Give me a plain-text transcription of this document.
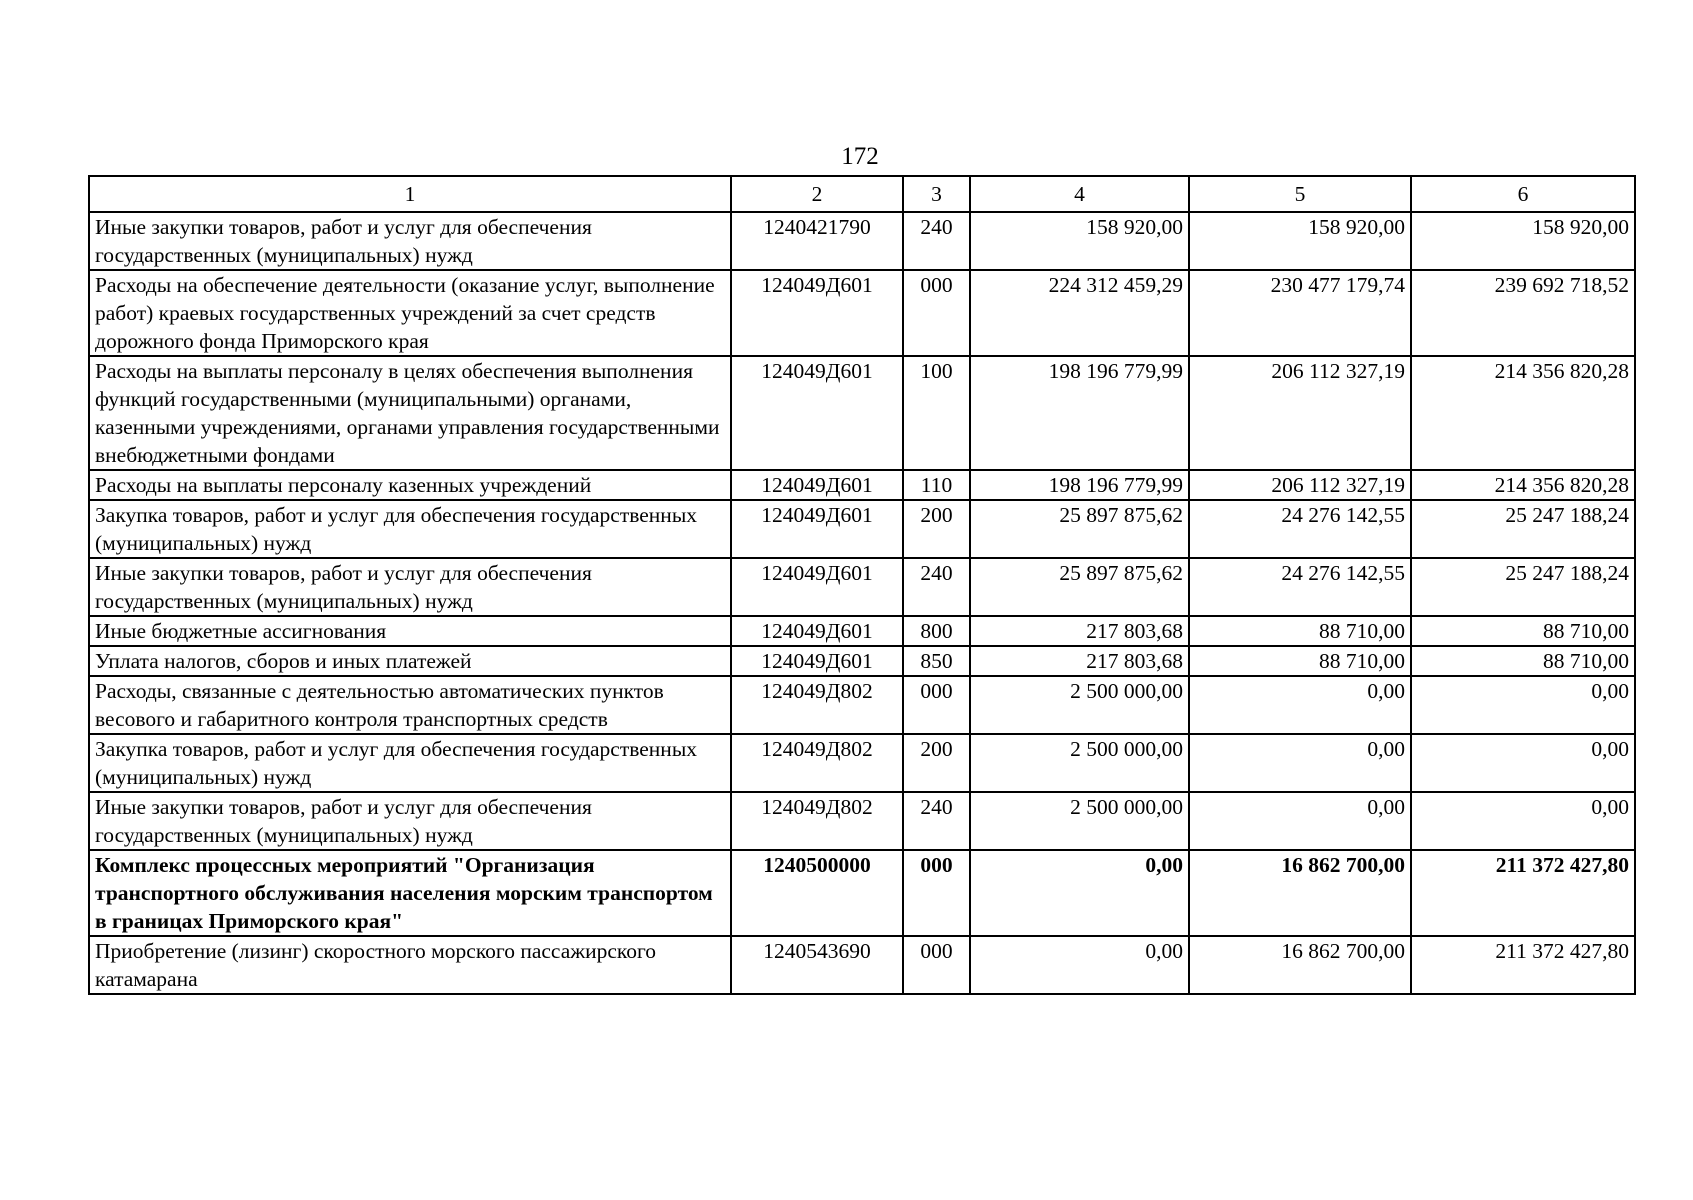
172
1	2	3	4	5	6
Иные закупки товаров, работ и услуг для обеспечения государственных (муниципальных) нужд	1240421790	240	158 920,00	158 920,00	158 920,00
Расходы на обеспечение деятельности (оказание услуг, выполнение работ) краевых государственных учреждений за счет средств дорожного фонда Приморского края	124049Д601	000	224 312 459,29	230 477 179,74	239 692 718,52
Расходы на выплаты персоналу в целях обеспечения выполнения функций государственными (муниципальными) органами, казенными учреждениями, органами управления государственными внебюджетными фондами	124049Д601	100	198 196 779,99	206 112 327,19	214 356 820,28
Расходы на выплаты персоналу казенных учреждений	124049Д601	110	198 196 779,99	206 112 327,19	214 356 820,28
Закупка товаров, работ и услуг для обеспечения государственных (муниципальных) нужд	124049Д601	200	25 897 875,62	24 276 142,55	25 247 188,24
Иные закупки товаров, работ и услуг для обеспечения государственных (муниципальных) нужд	124049Д601	240	25 897 875,62	24 276 142,55	25 247 188,24
Иные бюджетные ассигнования	124049Д601	800	217 803,68	88 710,00	88 710,00
Уплата налогов, сборов и иных платежей	124049Д601	850	217 803,68	88 710,00	88 710,00
Расходы, связанные с деятельностью автоматических пунктов весового и габаритного контроля транспортных средств	124049Д802	000	2 500 000,00	0,00	0,00
Закупка товаров, работ и услуг для обеспечения государственных (муниципальных) нужд	124049Д802	200	2 500 000,00	0,00	0,00
Иные закупки товаров, работ и услуг для обеспечения государственных (муниципальных) нужд	124049Д802	240	2 500 000,00	0,00	0,00
Комплекс процессных мероприятий "Организация транспортного обслуживания населения морским транспортом в границах Приморского края"	1240500000	000	0,00	16 862 700,00	211 372 427,80
Приобретение (лизинг) скоростного морского пассажирского катамарана	1240543690	000	0,00	16 862 700,00	211 372 427,80
